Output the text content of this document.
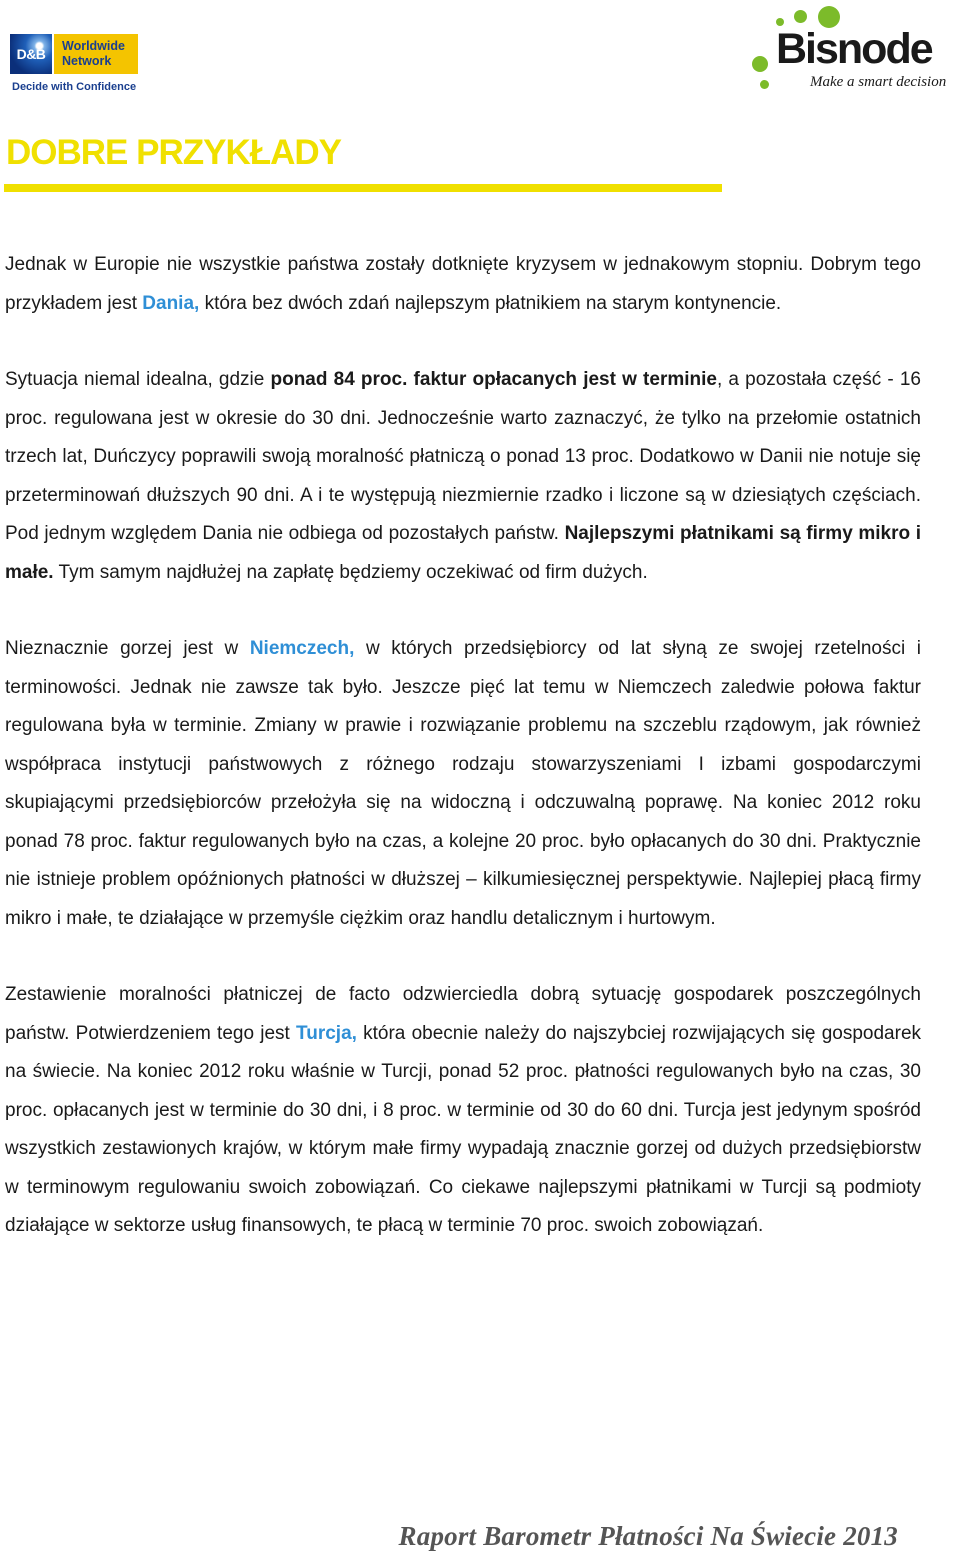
D&B	Worldwide
Network
Decide with Confidence
Bisnode
Make a smart decision
DOBRE PRZYKŁADY

Jednak w Europie nie wszystkie państwa zostały dotknięte kryzysem w jednakowym stopniu. Dobrym tego przykładem jest Dania, która bez dwóch zdań najlepszym płatnikiem na starym kontynencie.

Sytuacja niemal idealna, gdzie ponad 84 proc. faktur opłacanych jest w terminie, a pozostała część - 16 proc. regulowana jest w okresie do 30 dni. Jednocześnie warto zaznaczyć, że tylko na przełomie ostatnich trzech lat, Duńczycy poprawili swoją moralność płatniczą o ponad 13 proc. Dodatkowo w Danii nie notuje się przeterminowań dłuższych 90 dni. A i te występują niezmiernie rzadko i liczone są w dziesiątych częściach. Pod jednym względem Dania nie odbiega od pozostałych państw. Najlepszymi płatnikami są firmy mikro i małe. Tym samym najdłużej na zapłatę będziemy oczekiwać od firm dużych.

Nieznacznie gorzej jest w Niemczech, w których przedsiębiorcy od lat słyną ze swojej rzetelności i terminowości. Jednak nie zawsze tak było. Jeszcze pięć lat temu w Niemczech zaledwie połowa faktur regulowana była w terminie. Zmiany w prawie i rozwiązanie problemu na szczeblu rządowym, jak również współpraca instytucji państwowych z różnego rodzaju stowarzyszeniami I izbami gospodarczymi skupiającymi przedsiębiorców przełożyła się na widoczną i odczuwalną poprawę. Na koniec 2012 roku ponad 78 proc. faktur regulowanych było na czas, a kolejne 20 proc. było opłacanych do 30 dni. Praktycznie nie istnieje problem opóźnionych płatności w dłuższej – kilkumiesięcznej perspektywie. Najlepiej płacą firmy mikro i małe, te działające w przemyśle ciężkim oraz handlu detalicznym i hurtowym.

Zestawienie moralności płatniczej de facto odzwierciedla dobrą sytuację gospodarek poszczególnych państw. Potwierdzeniem tego jest Turcja, która obecnie należy do najszybciej rozwijających się gospodarek na świecie. Na koniec 2012 roku właśnie w Turcji, ponad 52 proc. płatności regulowanych było na czas, 30 proc. opłacanych jest w terminie do 30 dni, i 8 proc. w terminie od 30 do 60 dni. Turcja jest jedynym spośród wszystkich zestawionych krajów, w którym małe firmy wypadają znacznie gorzej od dużych przedsiębiorstw w terminowym regulowaniu swoich zobowiązań. Co ciekawe najlepszymi płatnikami w Turcji są podmioty działające w sektorze usług finansowych, te płacą w terminie 70 proc. swoich zobowiązań.

Raport Barometr Płatności Na Świecie 2013
